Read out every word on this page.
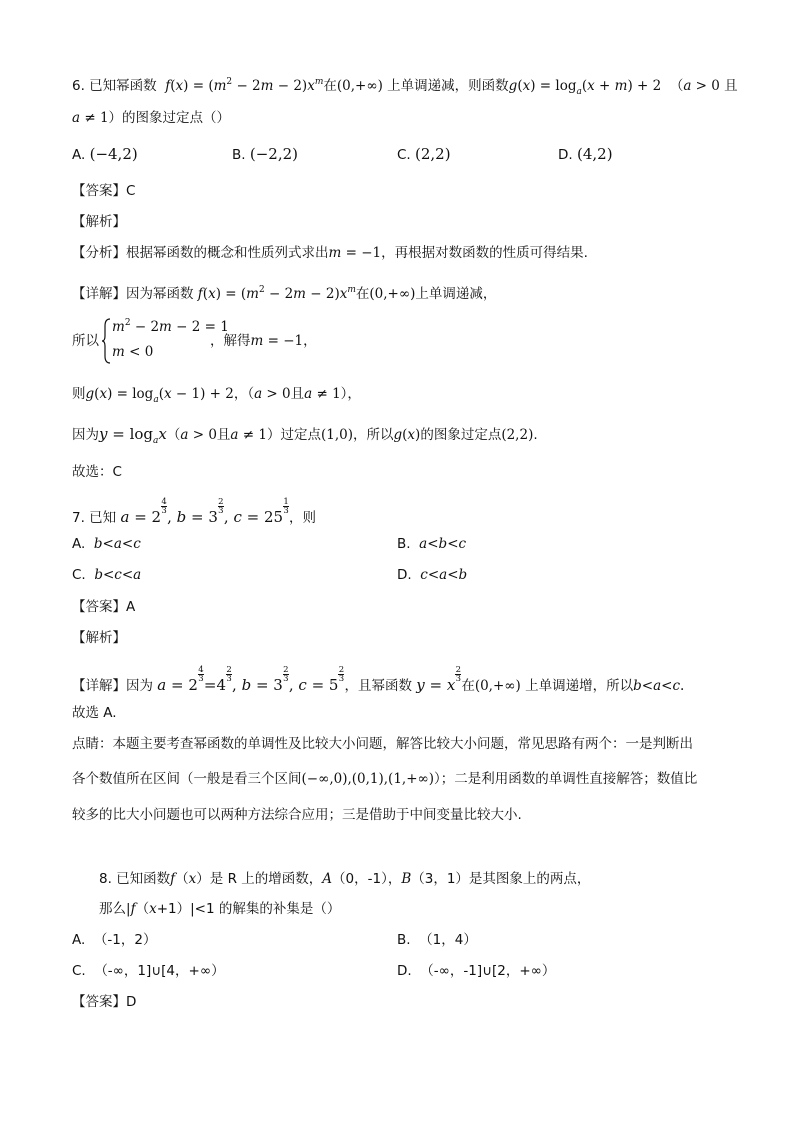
6. 已知幂函数 $f(x) = (m^2 - 2m - 2)x^m$在(0,+∞) 上单调递减，则函数$g(x) = \log_a(x + m) + 2$ （a > 0 且
a ≠ 1）的图象过定点（）
A. (−4,2)	B. (−2,2)	C. (2,2)	D. (4,2)
【答案】C
【解析】
【分析】根据幂函数的概念和性质列式求出m = −1，再根据对数函数的性质可得结果.
【详解】因为幂函数 $f(x) = (m^2 - 2m - 2)x^m$在(0,+∞)上单调递减，
所以
$m^2 - 2m - 2 = 1$
m < 0
，解得m = −1，
则$g(x) = \log_a(x - 1) + 2$，（a > 0且a ≠ 1），
因为$y = \log_ax(a > 0$且a ≠ 1）过定点(1,0)，所以g(x)的图象过定点(2,2).
故选：C
7. 已知 a = 2
$\frac{4}{3}$
, b = 3
$\frac{2}{3}$
, c = 25
$\frac{1}{3}$
，则
A. b<a<c	B. a<b<c
C. b<c<a	D. c<a<b
【答案】A
【解析】
【详解】因为 a = 2
$\frac{4}{3}$
=4
$\frac{2}{3}$
, b = 3
$\frac{2}{3}$
, c = 5
$\frac{2}{3}$
，且幂函数 y = x
$\frac{2}{3}$
在(0,+∞) 上单调递增，所以b<a<c.
故选 A.
点睛：本题主要考查幂函数的单调性及比较大小问题，解答比较大小问题，常见思路有两个：一是判断出
各个数值所在区间（一般是看三个区间(−∞,0),(0,1),(1,+∞)）；二是利用函数的单调性直接解答；数值比
较多的比大小问题也可以两种方法综合应用；三是借助于中间变量比较大小.
8. 已知函数f（x）是 R 上的增函数，A（0，-1），B（3，1）是其图象上的两点，
那么|f（x+1）|<1 的解集的补集是（）
A. （-1，2）	B. （1，4）
C. （-∞，1]∪[4，+∞）	D. （-∞，-1]∪[2，+∞）
【答案】D
